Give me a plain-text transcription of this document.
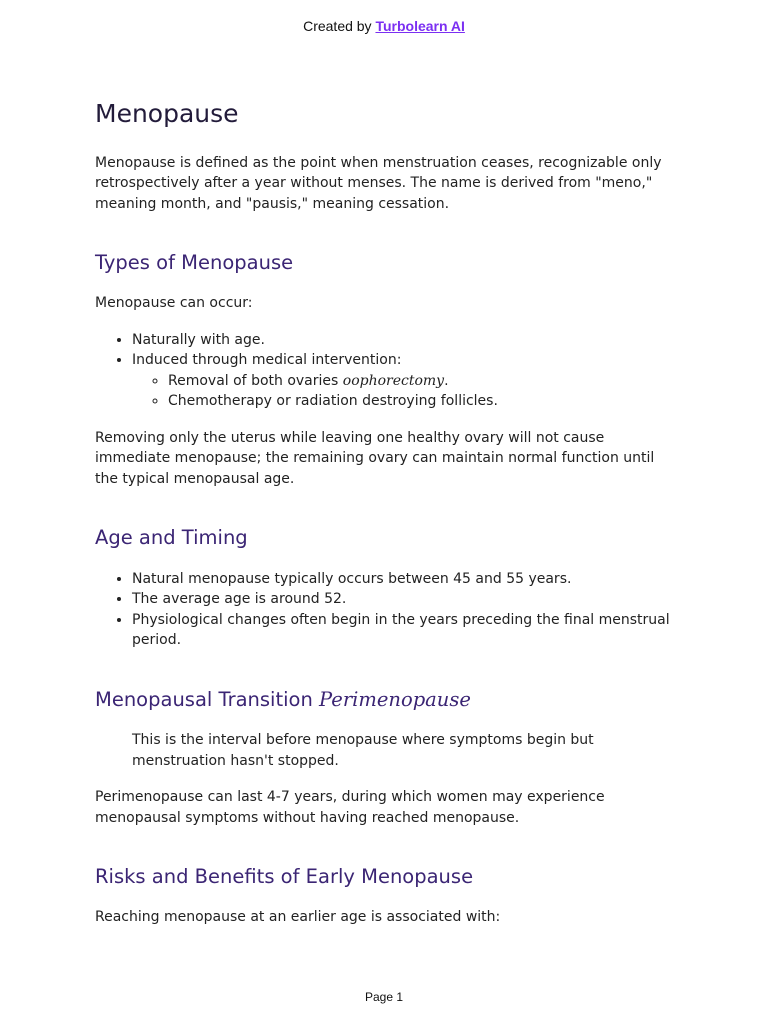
Created by Turbolearn AI
Menopause

Menopause is defined as the point when menstruation ceases, recognizable only retrospectively after a year without menses. The name is derived from "meno," meaning month, and "pausis," meaning cessation.

Types of Menopause

Menopause can occur:

• Naturally with age.
• Induced through medical intervention:
◦ Removal of both ovaries oophorectomy.
◦ Chemotherapy or radiation destroying follicles.

Removing only the uterus while leaving one healthy ovary will not cause immediate menopause; the remaining ovary can maintain normal function until the typical menopausal age.

Age and Timing
• Natural menopause typically occurs between 45 and 55 years.
• The average age is around 52.
• Physiological changes often begin in the years preceding the final menstrual period.
Menopausal Transition Perimenopause
This is the interval before menopause where symptoms begin but menstruation hasn't stopped.

Perimenopause can last 4-7 years, during which women may experience menopausal symptoms without having reached menopause.

Risks and Benefits of Early Menopause

Reaching menopause at an earlier age is associated with:

Page 1
